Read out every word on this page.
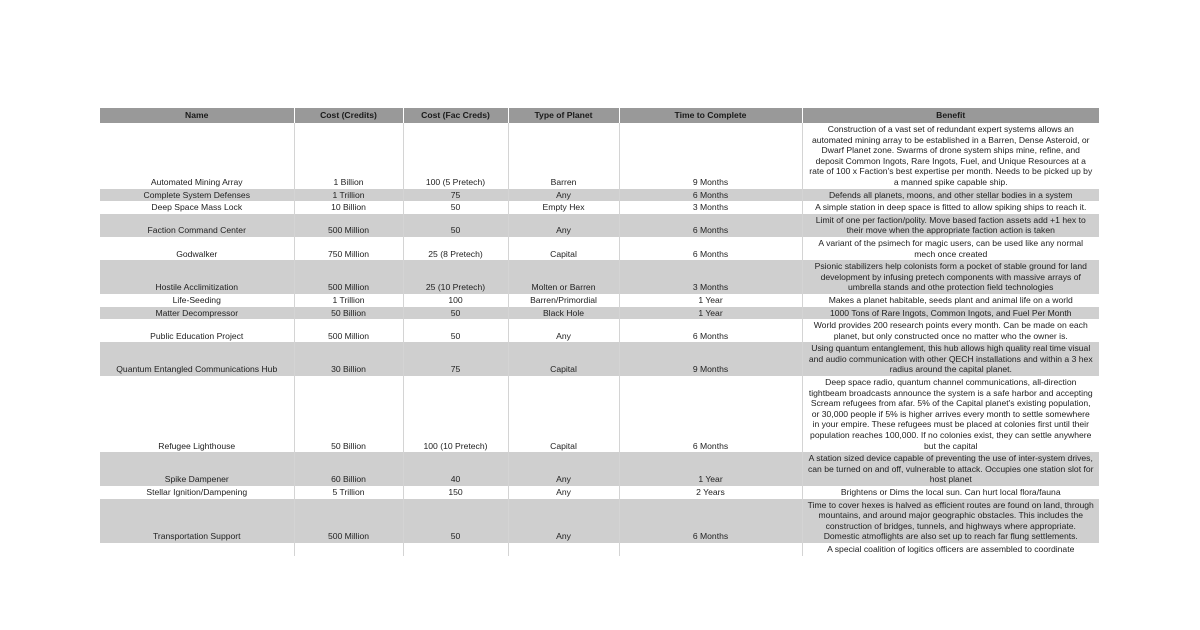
Name	Cost (Credits)	Cost (Fac Creds)	Type of Planet	Time to Complete	Benefit
Automated Mining Array	1 Billion	100 (5 Pretech)	Barren	9 Months	Construction of a vast set of redundant expert systems allows an automated mining array to be established in a Barren, Dense Asteroid, or Dwarf Planet zone. Swarms of drone system ships mine, refine, and deposit Common Ingots, Rare Ingots, Fuel, and Unique Resources at a rate of 100 x Faction's best expertise per month. Needs to be picked up by a manned spike capable ship.
Complete System Defenses	1 Trillion	75	Any	6 Months	Defends all planets, moons, and other stellar bodies in a system
Deep Space Mass Lock	10 Billion	50	Empty Hex	3 Months	A simple station in deep space is fitted to allow spiking ships to reach it.
Faction Command Center	500 Million	50	Any	6 Months	Limit of one per faction/polity. Move based faction assets add +1 hex to their move when the appropriate faction action is taken
Godwalker	750 Million	25 (8 Pretech)	Capital	6 Months	A variant of the psimech for magic users, can be used like any normal mech once created
Hostile Acclimitization	500 Million	25 (10 Pretech)	Molten or Barren	3 Months	Psionic stabilizers help colonists form a pocket of stable ground for land development by infusing pretech components with massive arrays of umbrella stands and othe protection field technologies
Life-Seeding	1 Trillion	100	Barren/Primordial	1 Year	Makes a planet habitable, seeds plant and animal life on a world
Matter Decompressor	50 Billion	50	Black Hole	1 Year	1000 Tons of Rare Ingots, Common Ingots, and Fuel Per Month
Public Education Project	500 Million	50	Any	6 Months	World provides 200 research points every month. Can be made on each planet, but only constructed once no matter who the owner is.
Quantum Entangled Communications Hub	30 Billion	75	Capital	9 Months	Using quantum entanglement, this hub allows high quality real time visual and audio communication with other QECH installations and within a 3 hex radius around the capital planet.
Refugee Lighthouse	50 Billion	100 (10 Pretech)	Capital	6 Months	Deep space radio, quantum channel communications, all-direction tightbeam broadcasts announce the system is a safe harbor and accepting Scream refugees from afar. 5% of the Capital planet's existing population, or 30,000 people if 5% is higher arrives every month to settle somewhere in your empire. These refugees must be placed at colonies first until their population reaches 100,000. If no colonies exist, they can settle anywhere but the capital
Spike Dampener	60 Billion	40	Any	1 Year	A station sized device capable of preventing the use of inter-system drives, can be turned on and off, vulnerable to attack. Occupies one station slot for host planet
Stellar Ignition/Dampening	5 Trillion	150	Any	2 Years	Brightens or Dims the local sun. Can hurt local flora/fauna
Transportation Support	500 Million	50	Any	6 Months	Time to cover hexes is halved as efficient routes are found on land, through mountains, and around major geographic obstacles. This includes the construction of bridges, tunnels, and highways where appropriate. Domestic atmoflights are also set up to reach far flung settlements.
					A special coalition of logitics officers are assembled to coordinate
